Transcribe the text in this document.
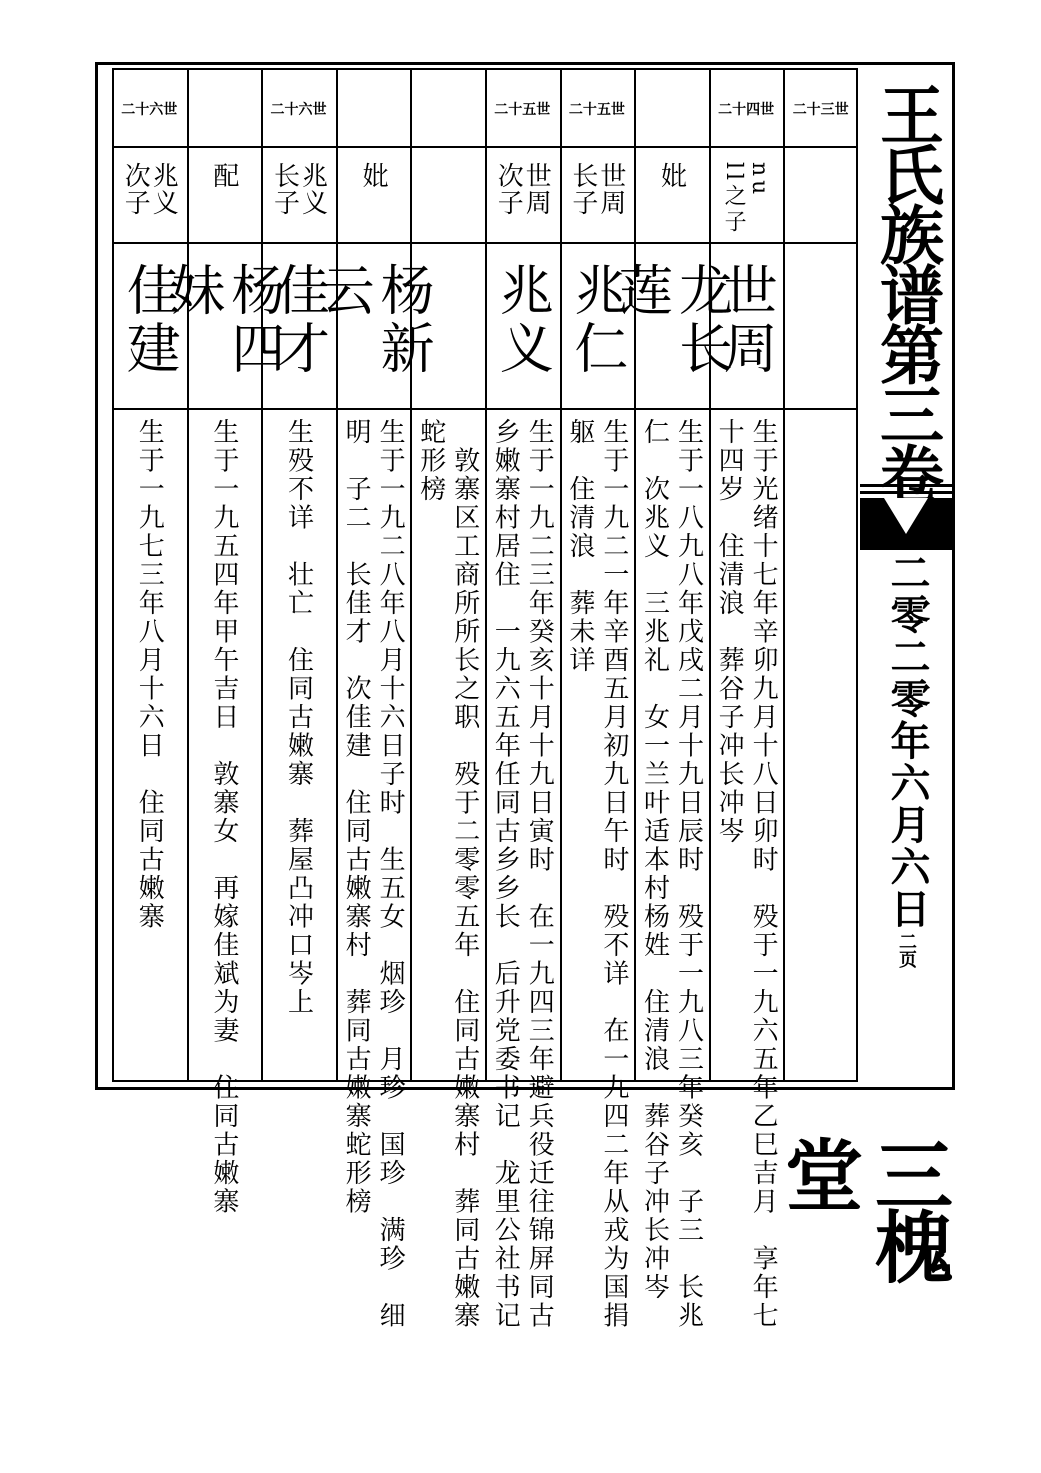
二十三世
二十四世
nu
ll之子
世周
生于光绪十七年辛卯九月十八日卯时　殁于一九六五年乙巳吉月　享年七
十四岁　住清浪　葬谷子冲长冲岑
妣
龙长莲
生于一八九八年戊戌二月十九日辰时　殁于一九八三年癸亥　子三　长兆
仁　次兆义　三兆礼　女一兰叶适本村杨姓　住清浪　葬谷子冲长冲岑
二十五世
世周
长子
兆仁
生于一九二一年辛酉五月初九日午时　殁不详　在一九四二年从戎为国捐
躯　住清浪　葬未详
二十五世
世周
次子
兆义
生于一九二三年癸亥十月十九日寅时　在一九四三年避兵役迁往锦屏同古
乡嫩寨村居住　一九六五年任同古乡乡长　后升党委书记　龙里公社书记
　敦寨区工商所所长之职　殁于二零零五年　住同古嫩寨村　葬同古嫩寨
蛇形榜
妣
杨新云
生于一九二八年八月十六日子时　生五女　烟珍　月珍　国珍　满珍　细
明　子二　长佳才　次佳建　住同古嫩寨村　葬同古嫩寨蛇形榜
二十六世
兆义
长子
佳才
生殁不详　壮亡　住同古嫩寨　葬屋凸冲口岑上
配
杨四妹
生于一九五四年甲午吉日　敦寨女　再嫁佳斌为妻　住同古嫩寨
二十六世
兆义
次子
佳建
生于一九七三年八月十六日　住同古嫩寨
王氏族谱第三卷
二零二零年六月六日
二页
三槐堂
